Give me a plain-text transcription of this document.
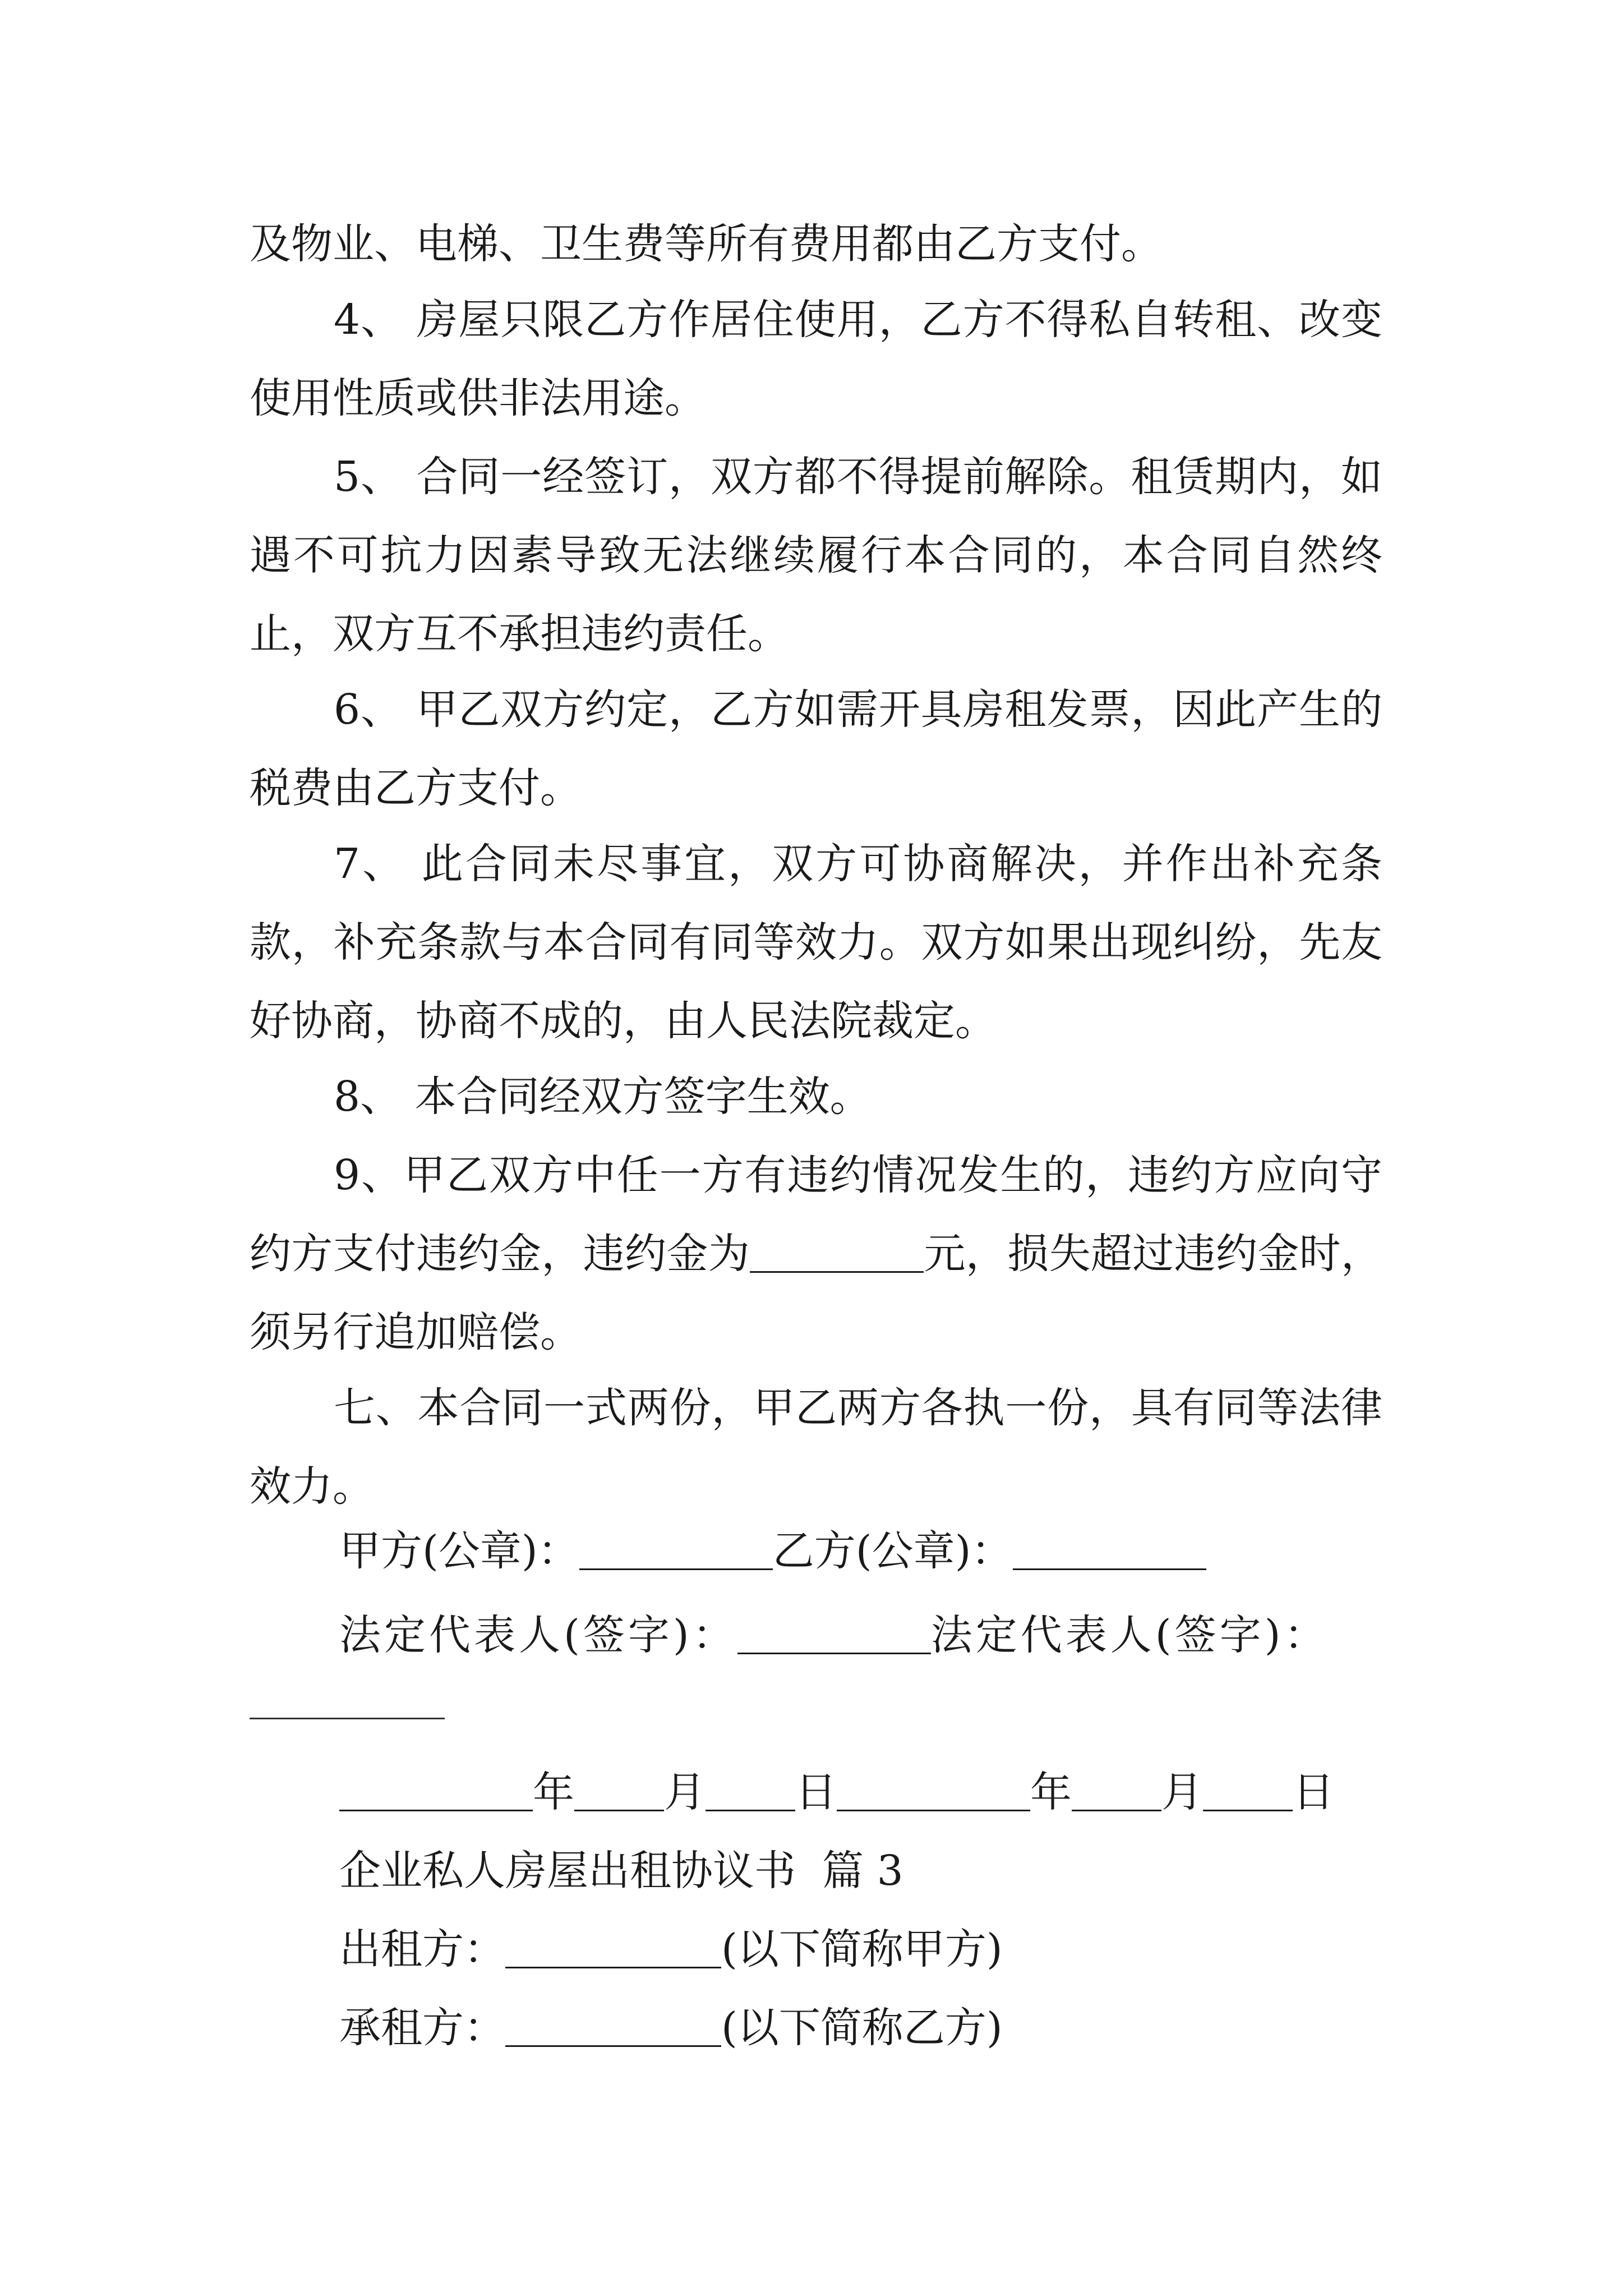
及物业、电梯、卫生费等所有费用都由乙方支付。
4、 房屋只限乙方作居住使用，乙方不得私自转租、改变使用性质或供非法用途。
5、 合同一经签订，双方都不得提前解除。租赁期内，如遇不可抗力因素导致无法继续履行本合同的，本合同自然终止，双方互不承担违约责任。
6、 甲乙双方约定，乙方如需开具房租发票，因此产生的税费由乙方支付。
7、 此合同未尽事宜，双方可协商解决，并作出补充条款，补充条款与本合同有同等效力。双方如果出现纠纷，先友好协商，协商不成的，由人民法院裁定。
8、 本合同经双方签字生效。
9、甲乙双方中任一方有违约情况发生的，违约方应向守约方支付违约金，违约金为	元，损失超过违约金时，须另行追加赔偿。
七、本合同一式两份，甲乙两方各执一份，具有同等法律效力。
甲方(公章)：	乙方(公章)：
法定代表人(签字)：	法定代表人(签字)：
年 月 日	年 月 日
企业私人房屋出租协议书  篇 3
出租方：	(以下简称甲方)
承租方：	(以下简称乙方)
